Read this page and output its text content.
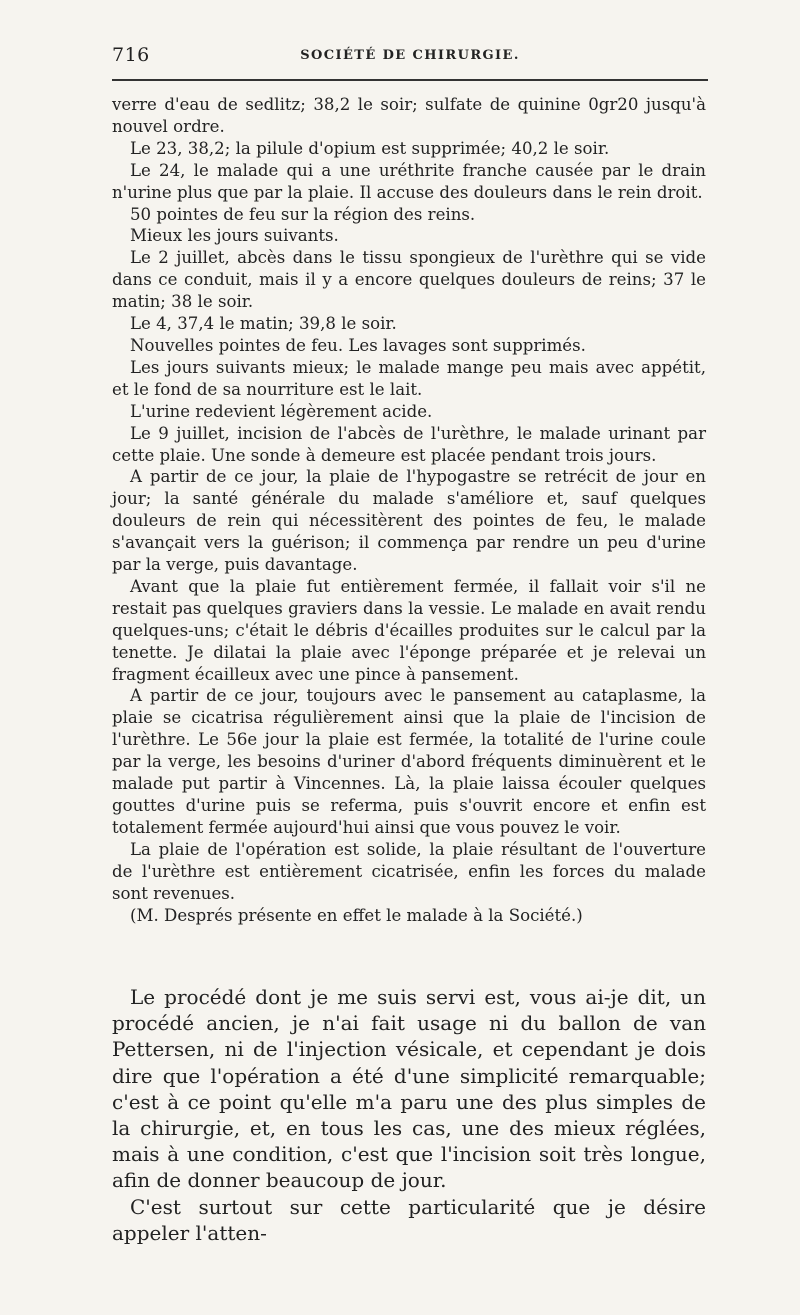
716	SOCIÉTÉ DE CHIRURGIE.

verre d'eau de sedlitz; 38,2 le soir; sulfate de quinine 0gr20 jusqu'à nouvel ordre.

Le 23, 38,2; la pilule d'opium est supprimée; 40,2 le soir.

Le 24, le malade qui a une uréthrite franche causée par le drain n'urine plus que par la plaie. Il accuse des douleurs dans le rein droit.

50 pointes de feu sur la région des reins.

Mieux les jours suivants.

Le 2 juillet, abcès dans le tissu spongieux de l'urèthre qui se vide dans ce conduit, mais il y a encore quelques douleurs de reins; 37 le matin; 38 le soir.

Le 4, 37,4 le matin; 39,8 le soir.

Nouvelles pointes de feu. Les lavages sont supprimés.

Les jours suivants mieux; le malade mange peu mais avec appétit, et le fond de sa nourriture est le lait.

L'urine redevient légèrement acide.

Le 9 juillet, incision de l'abcès de l'urèthre, le malade urinant par cette plaie. Une sonde à demeure est placée pendant trois jours.

A partir de ce jour, la plaie de l'hypogastre se retrécit de jour en jour; la santé générale du malade s'améliore et, sauf quelques douleurs de rein qui nécessitèrent des pointes de feu, le malade s'avançait vers la guérison; il commença par rendre un peu d'urine par la verge, puis davantage.

Avant que la plaie fut entièrement fermée, il fallait voir s'il ne restait pas quelques graviers dans la vessie. Le malade en avait rendu quelques-uns; c'était le débris d'écailles produites sur le calcul par la tenette. Je dilatai la plaie avec l'éponge préparée et je relevai un fragment écailleux avec une pince à pansement.

A partir de ce jour, toujours avec le pansement au cataplasme, la plaie se cicatrisa régulièrement ainsi que la plaie de l'incision de l'urèthre. Le 56e jour la plaie est fermée, la totalité de l'urine coule par la verge, les besoins d'uriner d'abord fréquents diminuèrent et le malade put partir à Vincennes. Là, la plaie laissa écouler quelques gouttes d'urine puis se referma, puis s'ouvrit encore et enfin est totalement fermée aujourd'hui ainsi que vous pouvez le voir.

La plaie de l'opération est solide, la plaie résultant de l'ouverture de l'urèthre est entièrement cicatrisée, enfin les forces du malade sont revenues.

(M. Després présente en effet le malade à la Société.)

Le procédé dont je me suis servi est, vous ai-je dit, un procédé ancien, je n'ai fait usage ni du ballon de van Pettersen, ni de l'injection vésicale, et cependant je dois dire que l'opération a été d'une simplicité remarquable; c'est à ce point qu'elle m'a paru une des plus simples de la chirurgie, et, en tous les cas, une des mieux réglées, mais à une condition, c'est que l'incision soit très longue, afin de donner beaucoup de jour.

C'est surtout sur cette particularité que je désire appeler l'atten-
